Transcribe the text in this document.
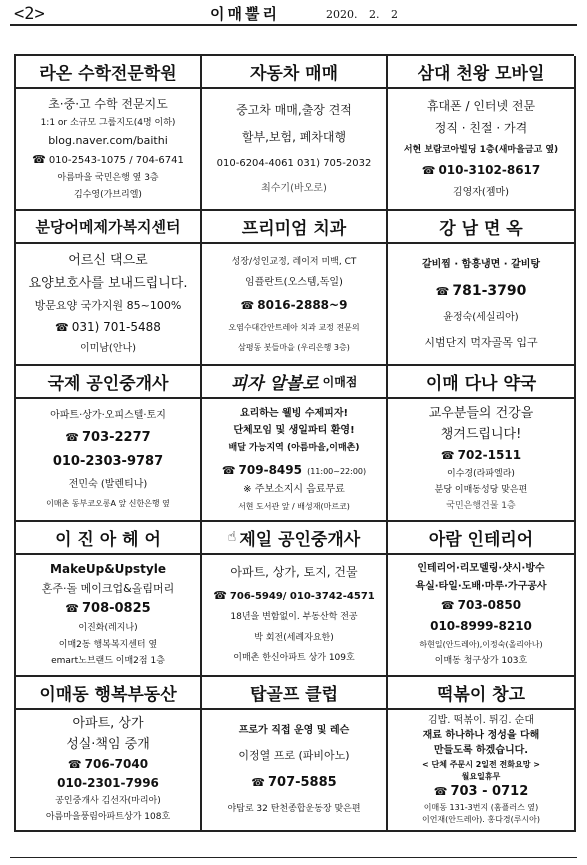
<2>	이매뿔리	2020. 2. 2
라온 수학전문학원
초·중·고 수학 전문지도
1:1 or 소규모 그룹지도(4명 이하)
blog.naver.com/baithi
☎ 010-2543-1075 / 704-6741
아름마을 국민은행 옆 3층
김수영(가브리엘)
자동차 매매
중고차 매매,출장 견적
할부,보험, 폐차대행
010-6204-4061 031) 705-2032
최수기(바오로)
삼대 천왕 모바일
휴대폰 / 인터넷 전문
정직 · 친절 · 가격
서현 보람코아빌딩 1층(새마을금고 옆)
☎ 010-3102-8617
김영자(젬마)
분당어메제가복지센터
어르신 댁으로
요양보호사를 보내드립니다.
방문요양 국가지원 85~100%
☎ 031) 701-5488
이미남(안나)
프리미엄 치과
성장/성인교정, 레이저 미백, CT
임플란트(오스템,독일)
☎ 8016-2888~9
오염수대간안트레아 치과 교정 전문의
삼평동 봇들마을 (우리은행 3층)
강 남 면 옥
갈비찜 · 함흥냉면 · 갈비탕
☎ 781-3790
윤정숙(세실리아)
시범단지 먹자골목 입구
국제 공인중개사
아파트·상가·오피스텔·토지
☎ 703-2277
010-2303-9787
전민숙 (발렌티나)
이매촌 동부코오롱A 앞 신한은행 옆
피자 알볼로 이매점
요리하는 웰빙 수제피자!
단체모임 및 생일파티 환영!
배달 가능지역 (아름마을,이매촌)
☎ 709-8495 (11:00~22:00)
※ 주보소지시 음료무료
서현 도서관 앞 / 배성재(마르코)
이매 다나 약국
교우분들의 건강을
챙겨드립니다!
☎ 702-1511
이수경(라파엘라)
분당 이매동성당 맞은편
국민은행건물 1층
이 진 아 헤 어
MakeUp&Upstyle
혼주·돌 메이크업&올림머리
☎ 708-0825
이진화(레지나)
이매2동 행복복지센터 옆
emart노브랜드 이매2점 1층
☝ 제일 공인중개사
아파트, 상가, 토지, 건물
☎ 706-5949/ 010-3742-4571
18년을 변함없이. 부동산학 전공
박 회전(세례자요한)
이매촌 한신아파트 상가 109호
아람 인테리어
인테리어·리모델링·샷시·방수
욕실·타일·도배·마루·가구공사
☎ 703-0850
010-8999-8210
하현일(안드레아),이정숙(올리아나)
이매동 청구상가 103호
이매동 행복부동산
아파트, 상가
성실·책임 중개
☎ 706-7040
010-2301-7996
공인중개사 김선자(마리아)
아름마을풍림아파트상가 108호
탑골프 클럽
프로가 직접 운영 및 레슨
이정열 프로 (파비아노)
☎ 707-5885
야탑로 32 탄천종합운동장 맞은편
떡볶이 창고
김밥. 떡볶이. 튀김. 순대
재료 하나하나 정성을 다해
만들도록 하겠습니다.
< 단체 주문시 2일전 전화요망 >
월요일휴무
☎ 703 - 0712
이매동 131-3번지 (홈플러스 옆)
이언재(안드레아). 홍다경(루시아)
